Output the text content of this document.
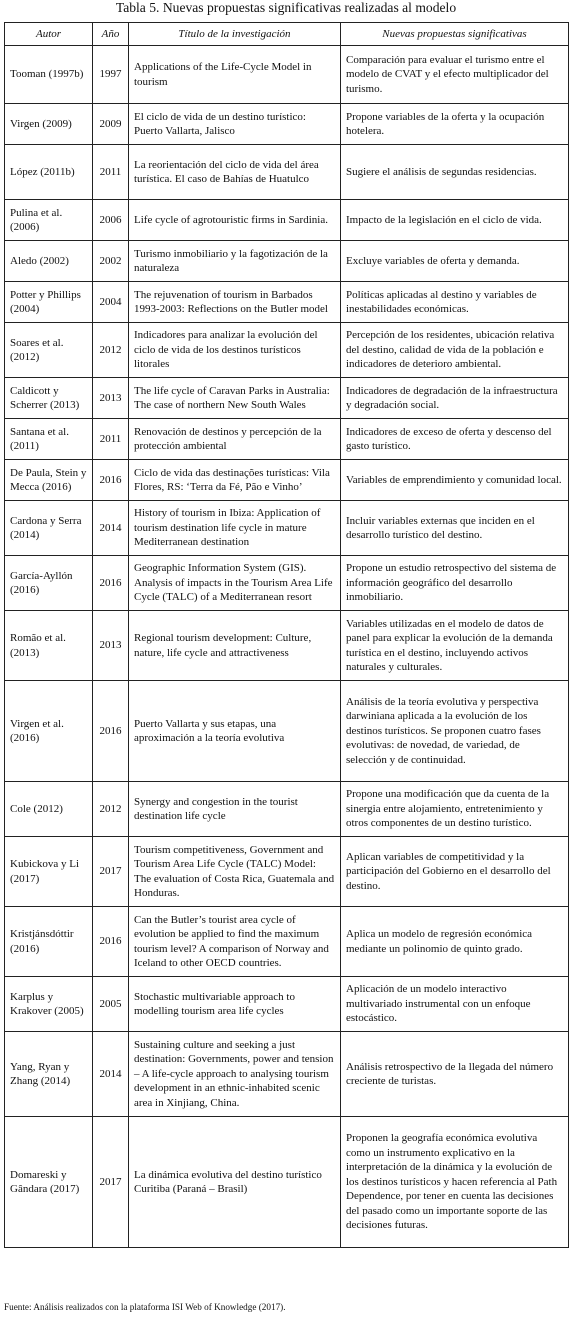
Tabla 5. Nuevas propuestas significativas realizadas al modelo
Autor	Año	Título de la investigación	Nuevas propuestas significativas
Tooman (1997b)	1997	Applications of the Life-Cycle Model in tourism	Comparación para evaluar el turismo entre el modelo de CVAT y el efecto multiplicador del turismo.
Virgen (2009)	2009	El ciclo de vida de un destino turístico: Puerto Vallarta, Jalisco	Propone variables de la oferta y la ocupación hotelera.
López (2011b)	2011	La reorientación del ciclo de vida del área turística. El caso de Bahías de Huatulco	Sugiere el análisis de segundas residencias.
Pulina et al. (2006)	2006	Life cycle of agrotouristic firms in Sardinia.	Impacto de la legislación en el ciclo de vida.
Aledo (2002)	2002	Turismo inmobiliario y la fagotización de la naturaleza	Excluye variables de oferta y demanda.
Potter y Phillips (2004)	2004	The rejuvenation of tourism in Barbados 1993-2003: Reflections on the Butler model	Políticas aplicadas al destino y variables de inestabilidades económicas.
Soares et al. (2012)	2012	Indicadores para analizar la evolución del ciclo de vida de los destinos turísticos litorales	Percepción de los residentes, ubicación relativa del destino, calidad de vida de la población e indicadores de deterioro ambiental.
Caldicott y Scherrer (2013)	2013	The life cycle of Caravan Parks in Australia: The case of northern New South Wales	Indicadores de degradación de la infraestructura y degradación social.
Santana et al. (2011)	2011	Renovación de destinos y percepción de la protección ambiental	Indicadores de exceso de oferta y descenso del gasto turístico.
De Paula, Stein y Mecca (2016)	2016	Ciclo de vida das destinações turísticas: Vila Flores, RS: ‘Terra da Fé, Pão e Vinho’	Variables de emprendimiento y comunidad local.
Cardona y Serra (2014)	2014	History of tourism in Ibiza: Application of tourism destination life cycle in mature Mediterranean destination	Incluir variables externas que inciden en el desarrollo turístico del destino.
García-Ayllón (2016)	2016	Geographic Information System (GIS). Analysis of impacts in the Tourism Area Life Cycle (TALC) of a Mediterranean resort	Propone un estudio retrospectivo del sistema de información geográfico del desarrollo inmobiliario.
Romão et al. (2013)	2013	Regional tourism development: Culture, nature, life cycle and attractiveness	Variables utilizadas en el modelo de datos de panel para explicar la evolución de la demanda turística en el destino, incluyendo activos naturales y culturales.
Virgen et al. (2016)	2016	Puerto Vallarta y sus etapas, una aproximación a la teoría evolutiva	Análisis de la teoría evolutiva y perspectiva darwiniana aplicada a la evolución de los destinos turísticos. Se proponen cuatro fases evolutivas: de novedad, de variedad, de selección y de continuidad.
Cole (2012)	2012	Synergy and congestion in the tourist destination life cycle	Propone una modificación que da cuenta de la sinergia entre alojamiento, entretenimiento y otros componentes de un destino turístico.
Kubickova y Li (2017)	2017	Tourism competitiveness, Government and Tourism Area Life Cycle (TALC) Model: The evaluation of Costa Rica, Guatemala and Honduras.	Aplican variables de competitividad y la participación del Gobierno en el desarrollo del destino.
Kristjánsdóttir (2016)	2016	Can the Butler’s tourist area cycle of evolution be applied to find the maximum tourism level? A comparison of Norway and Iceland to other OECD countries.	Aplica un modelo de regresión económica mediante un polinomio de quinto grado.
Karplus y Krakover (2005)	2005	Stochastic multivariable approach to modelling tourism area life cycles	Aplicación de un modelo interactivo multivariado instrumental con un enfoque estocástico.
Yang, Ryan y Zhang (2014)	2014	Sustaining culture and seeking a just destination: Governments, power and tension – A life-cycle approach to analysing tourism development in an ethnic-inhabited scenic area in Xinjiang, China.	Análisis retrospectivo de la llegada del número creciente de turistas.
Domareski y Gândara (2017)	2017	La dinámica evolutiva del destino turístico Curitiba (Paraná – Brasil)	Proponen la geografía económica evolutiva como un instrumento explicativo en la interpretación de la dinámica y la evolución de los destinos turísticos y hacen referencia al Path Dependence, por tener en cuenta las decisiones del pasado como un importante soporte de las decisiones futuras.
Fuente: Análisis realizados con la plataforma ISI Web of Knowledge (2017).
